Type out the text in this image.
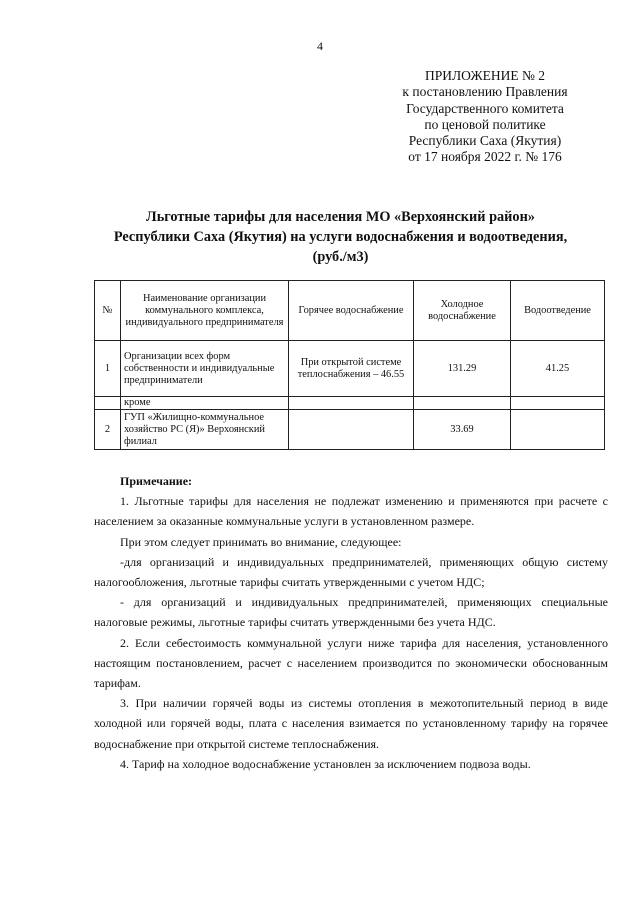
4
ПРИЛОЖЕНИЕ № 2
к постановлению Правления
Государственного комитета
по ценовой политике
Республики Саха (Якутия)
от 17 ноября 2022 г. № 176
Льготные тарифы для населения МО «Верхоянский район»
Республики Саха (Якутия) на услуги водоснабжения и водоотведения,
(руб./м3)
№	Наименование организации коммунального комплекса, индивидуального предпринимателя	Горячее водоснабжение	Холодное водоснабжение	Водоотведение
1	Организации всех форм собственности и индивидуальные предприниматели	При открытой системе теплоснабжения – 46.55	131.29	41.25
	кроме			
2	ГУП «Жилищно-коммунальное хозяйство РС (Я)» Верхоянский филиал		33.69	

Примечание:

1. Льготные тарифы для населения не подлежат изменению и применяются при расчете с населением за оказанные коммунальные услуги в установленном размере.

При этом следует принимать во внимание, следующее:

-для организаций и индивидуальных предпринимателей, применяющих общую систему налогообложения, льготные тарифы считать утвержденными с учетом НДС;

- для организаций и индивидуальных предпринимателей, применяющих специальные налоговые режимы, льготные тарифы считать утвержденными без учета НДС.

2. Если себестоимость коммунальной услуги ниже тарифа для населения, установленного настоящим постановлением, расчет с населением производится по экономически обоснованным тарифам.

3. При наличии горячей воды из системы отопления в межотопительный период в виде холодной или горячей воды, плата с населения взимается по установленному тарифу на горячее водоснабжение при открытой системе теплоснабжения.

4. Тариф на холодное водоснабжение установлен за исключением подвоза воды.
